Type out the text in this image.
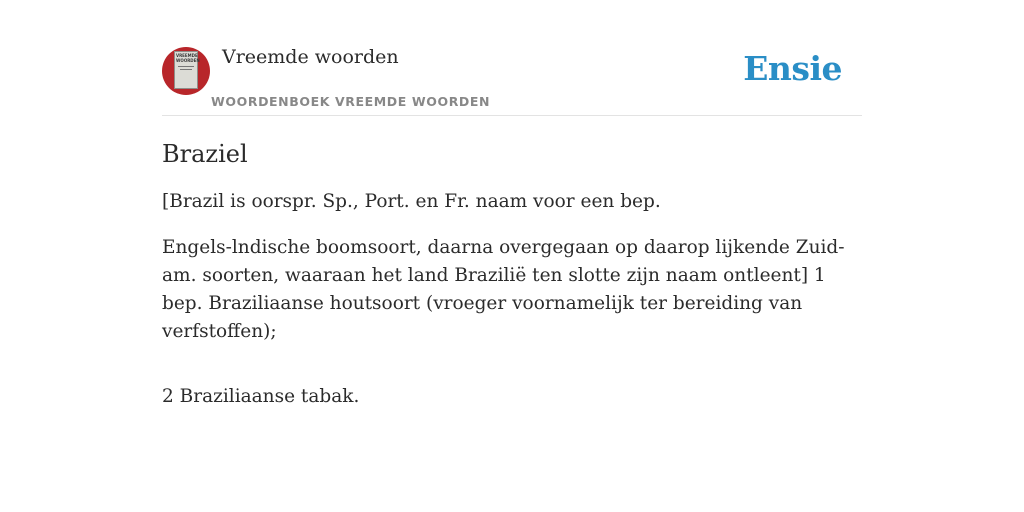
VREEMDE
WOORDEN Vreemde woorden
WOORDENBOEK VREEMDE WOORDEN
Ensie
Braziel

[Brazil is oorspr. Sp., Port. en Fr. naam voor een bep.

Engels-lndische boomsoort, daarna overgegaan op daarop lijkende Zuid-am. soorten, waaraan het land Brazilië ten slotte zijn naam ontleent] 1 bep. Braziliaanse houtsoort (vroeger voornamelijk ter bereiding van verfstoffen);

2 Braziliaanse tabak.
